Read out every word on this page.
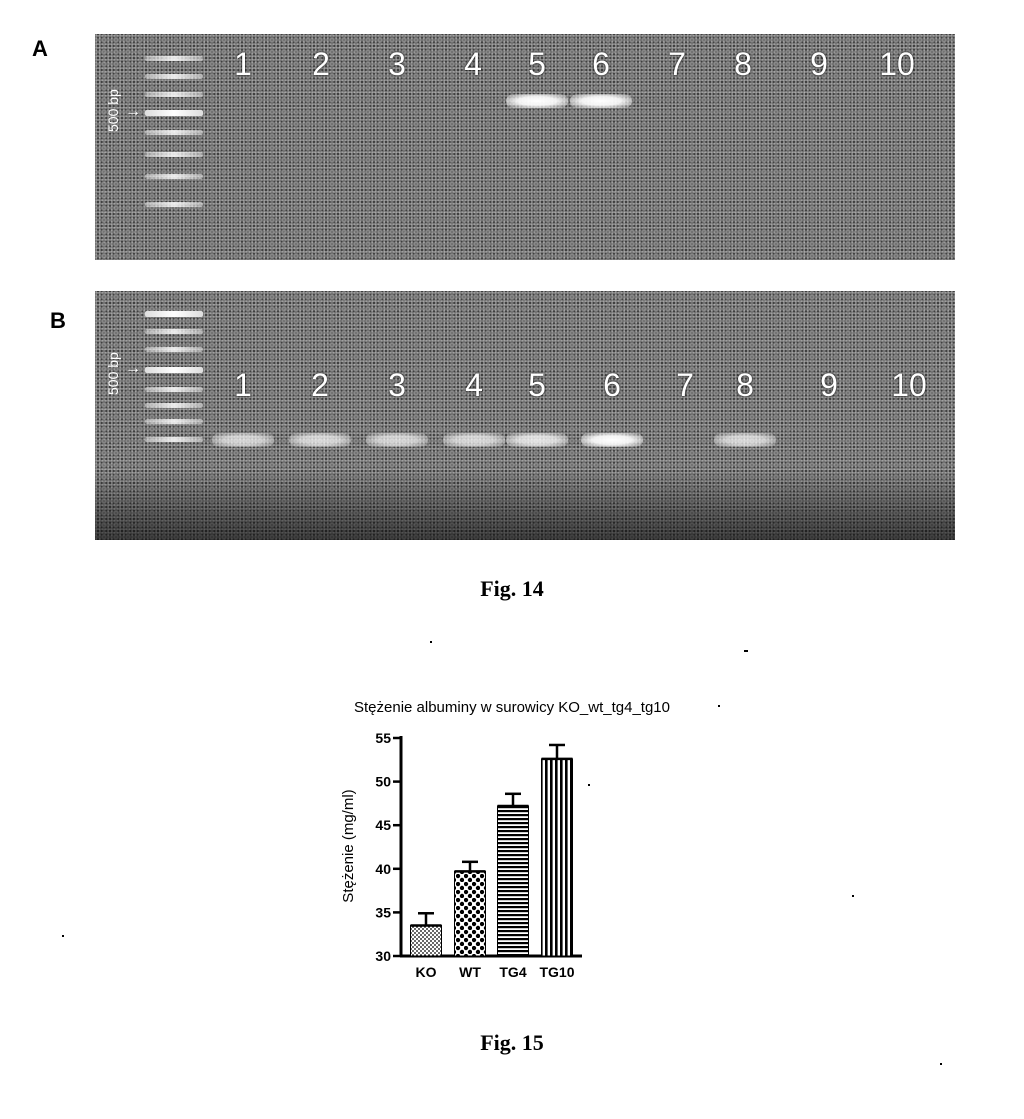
A
→
500 bp
1 2 3 4 5 6 7 8 9 10
B
→
500 bp	1 2 3 4 5 6 7 8 9 10
Fig. 14
Stężenie albuminy w surowicy KO_wt_tg4_tg10
Stężenie (mg/ml)
30
35
40
45
50
55
KO WT TG4 TG10
Fig. 15
